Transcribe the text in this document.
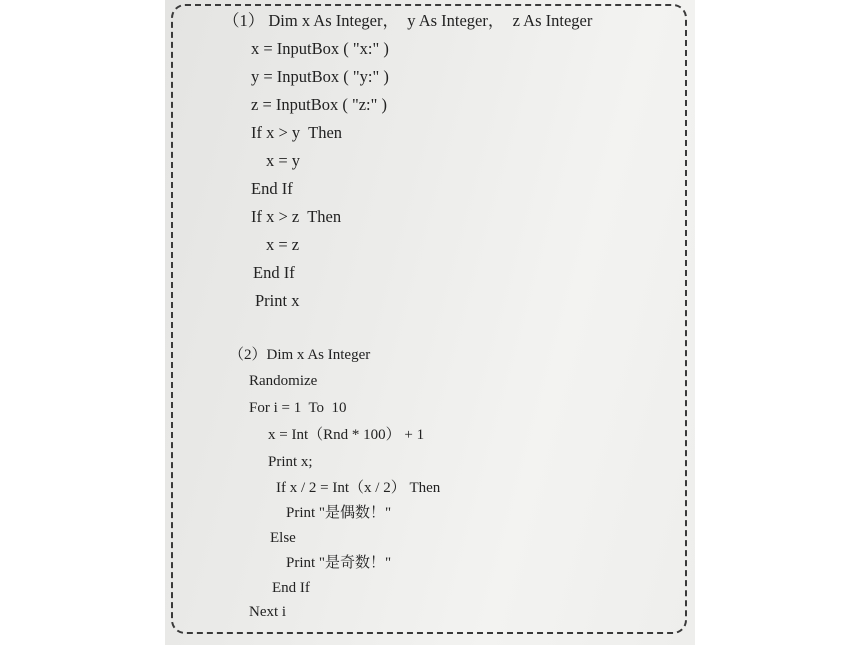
（1） Dim x As Integer，  y As Integer，  z As Integer

x = InputBox ( "x:" )

y = InputBox ( "y:" )

z = InputBox ( "z:" )

If x > y  Then

x = y

End If

If x > z  Then

x = z

End If

Print x

（2）Dim x As Integer

Randomize

For i = 1  To  10

x = Int（Rnd * 100） + 1

Print x;

If x / 2 = Int（x / 2） Then

Print "是偶数！"

Else

Print "是奇数！"

End If

Next i
